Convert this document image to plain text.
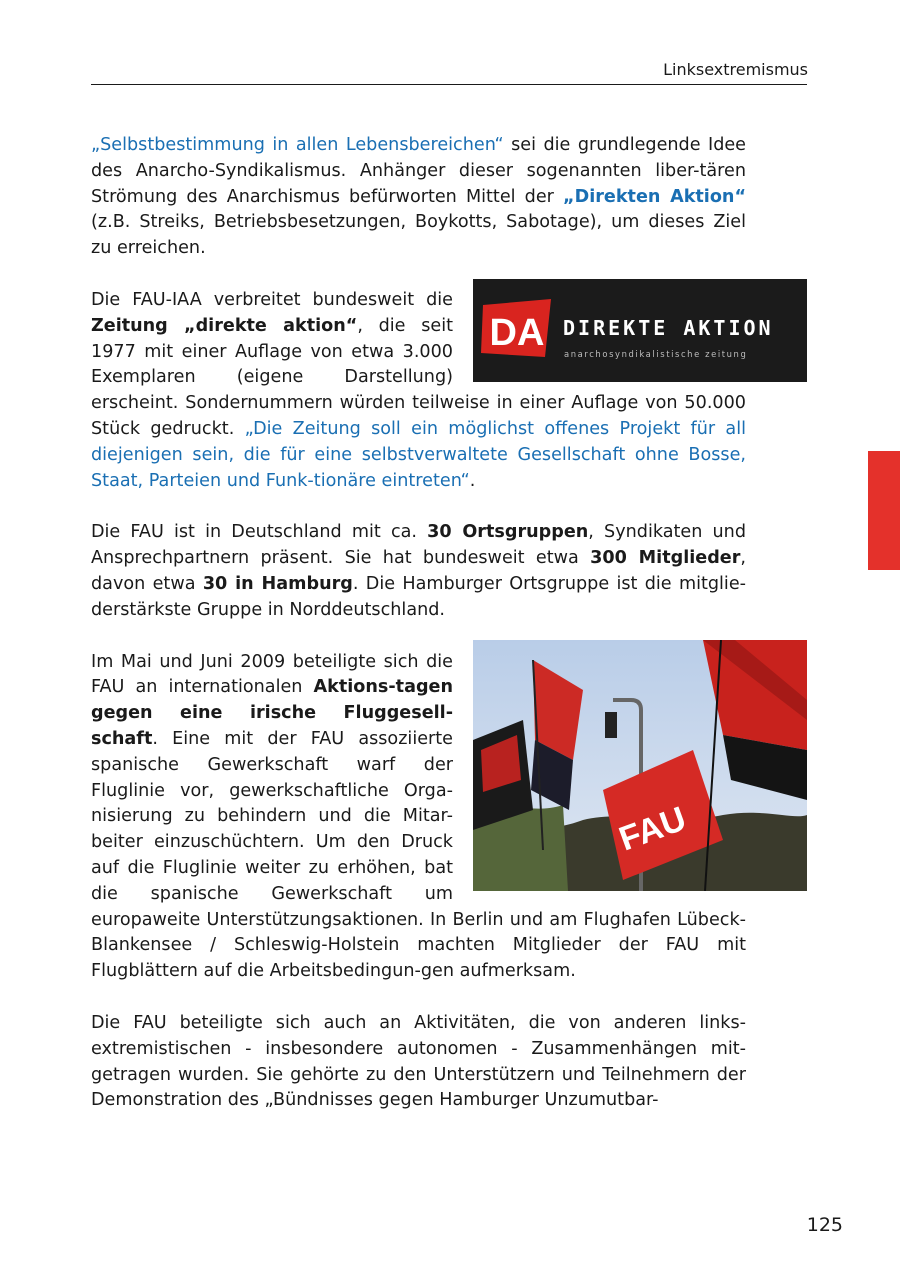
Linksextremismus

„Selbstbestimmung in allen Lebensbereichen“ sei die grundlegende Idee des Anarcho-Syndikalismus. Anhänger dieser sogenannten liber-tären Strömung des Anarchismus befürworten Mittel der „Direkten Aktion“ (z.B. Streiks, Betriebsbesetzungen, Boykotts, Sabotage), um dieses Ziel zu erreichen.

DA DIREKTE AKTION
anarchosyndikalistische zeitung

Die FAU-IAA verbreitet bundesweit die Zeitung „direkte aktion“, die seit 1977 mit einer Auflage von etwa 3.000 Exemplaren (eigene Darstellung) erscheint. Sondernummern würden teilweise in einer Auflage von 50.000 Stück gedruckt. „Die Zeitung soll ein möglichst offenes Projekt für all diejenigen sein, die für eine selbstverwaltete Gesellschaft ohne Bosse, Staat, Parteien und Funk-tionäre eintreten“.

Die FAU ist in Deutschland mit ca. 30 Ortsgruppen, Syndikaten und Ansprechpartnern präsent. Sie hat bundesweit etwa 300 Mitglieder, davon etwa 30 in Hamburg. Die Hamburger Ortsgruppe ist die mitglie-derstärkste Gruppe in Norddeutschland.

FAU

Im Mai und Juni 2009 beteiligte sich die FAU an internationalen Aktions-tagen gegen eine irische Fluggesell-schaft. Eine mit der FAU assoziierte spanische Gewerkschaft warf der Fluglinie vor, gewerkschaftliche Orga-nisierung zu behindern und die Mitar-beiter einzuschüchtern. Um den Druck auf die Fluglinie weiter zu erhöhen, bat die spanische Gewerkschaft um europaweite Unterstützungsaktionen. In Berlin und am Flughafen Lübeck-Blankensee / Schleswig-Holstein machten Mitglieder der FAU mit Flugblättern auf die Arbeitsbedingun-gen aufmerksam.

Die FAU beteiligte sich auch an Aktivitäten, die von anderen links-extremistischen - insbesondere autonomen - Zusammenhängen mit-getragen wurden. Sie gehörte zu den Unterstützern und Teilnehmern der Demonstration des „Bündnisses gegen Hamburger Unzumutbar-

125
